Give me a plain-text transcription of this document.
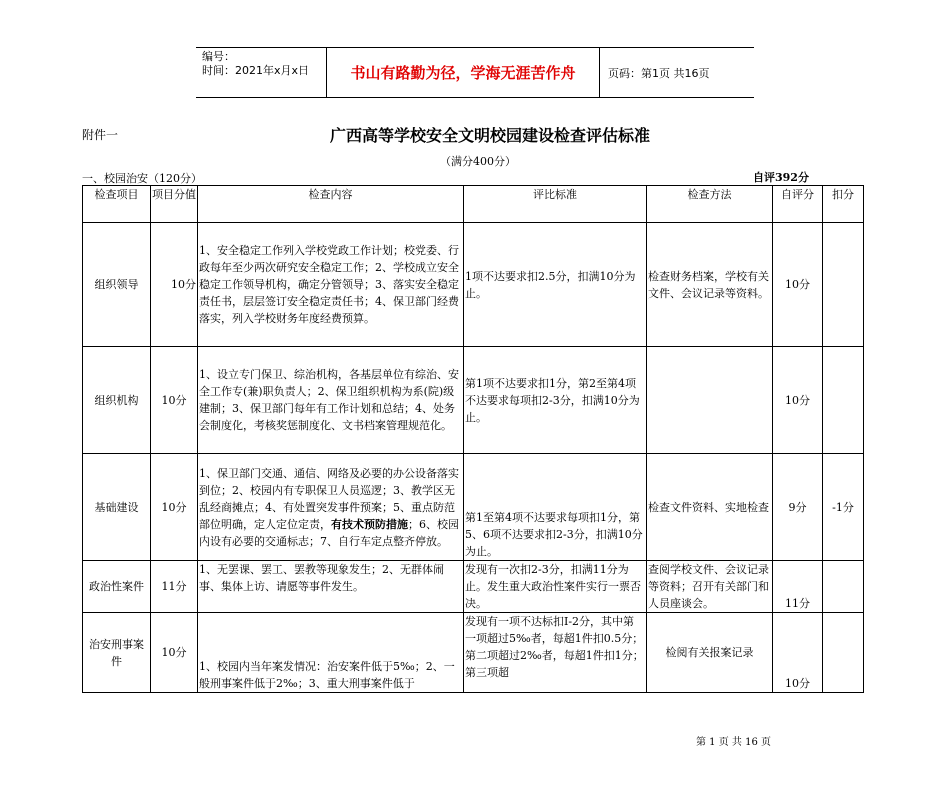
编号：
时间：2021年x月x日	书山有路勤为径，学海无涯苦作舟	页码：第1页 共16页
附件一	广西高等学校安全文明校园建设检查评估标准
（满分400分）
一、校园治安（120分）	自评392分
检查项目	项目分值	检查内容	评比标准	检查方法	自评分	扣分
组织领导	10分	1、安全稳定工作列入学校党政工作计划；校党委、行政每年至少两次研究安全稳定工作；2、学校成立安全稳定工作领导机构，确定分管领导；3、落实安全稳定责任书，层层签订安全稳定责任书；4、保卫部门经费落实，列入学校财务年度经费预算。	1项不达要求扣2.5分，扣满10分为止。	检查财务档案，学校有关文件、会议记录等资料。	10分	
组织机构	10分	1、设立专门保卫、综治机构，各基层单位有综治、安全工作专(兼)职负责人；2、保卫组织机构为系(院)级建制；3、保卫部门每年有工作计划和总结；4、处务会制度化，考核奖惩制度化、文书档案管理规范化。	第1项不达要求扣1分，第2至第4项不达要求每项扣2-3分，扣满10分为止。		10分	
基础建设	10分	1、保卫部门交通、通信、网络及必要的办公设备落实到位；2、校园内有专职保卫人员巡逻；3、教学区无乱经商摊点；4、有处置突发事件预案；5、重点防范部位明确，定人定位定责，有技术预防措施；6、校园内设有必要的交通标志；7、自行车定点整齐停放。	第1至第4项不达要求每项扣1分，第5、6项不达要求扣2-3分，扣满10分为止。	检查文件资料、实地检查	9分	-1分
政治性案件	11分	1、无罢课、罢工、罢教等现象发生；2、无群体闹事、集体上访、请愿等事件发生。	发现有一次扣2-3分，扣满11分为止。发生重大政治性案件实行一票否决。	查阅学校文件、会议记录等资料；召开有关部门和人员座谈会。	11分	
治安刑事案件	10分	1、校园内当年案发情况：治安案件低于5‰；2、一般刑事案件低于2‰；3、重大刑事案件低于	发现有一项不达标扣I-2分，其中第一项超过5‰者，每超1件扣0.5分；第二项超过2‰者，每超1件扣1分；第三项超	检阅有关报案记录	10分	
第 1 页 共 16 页
